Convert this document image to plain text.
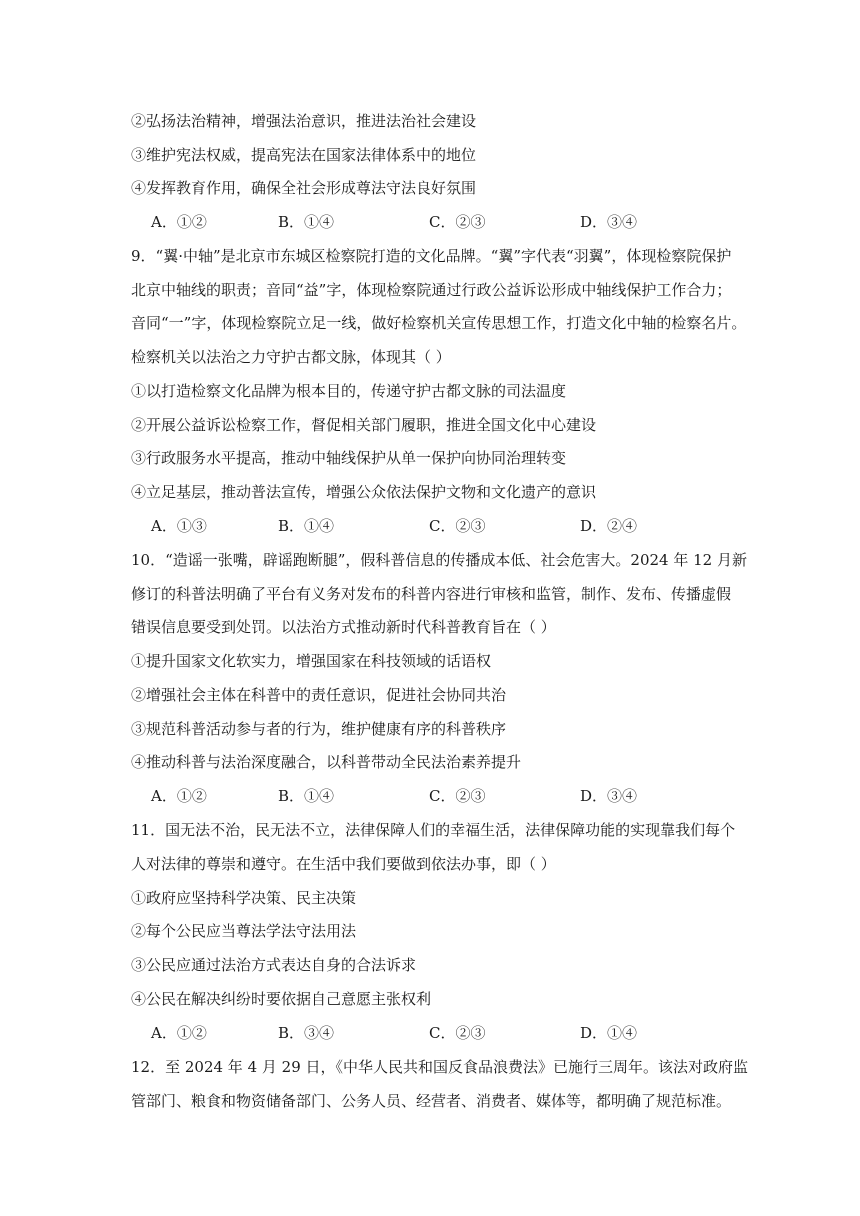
②弘扬法治精神，增强法治意识，推进法治社会建设
③维护宪法权威，提高宪法在国家法律体系中的地位
④发挥教育作用，确保全社会形成尊法守法良好氛围
A．①②	B．①④	C．②③	D．③④
9．“翼·中轴”是北京市东城区检察院打造的文化品牌。“翼”字代表“羽翼”，体现检察院保护
北京中轴线的职责；音同“益”字，体现检察院通过行政公益诉讼形成中轴线保护工作合力；
音同“一”字，体现检察院立足一线，做好检察机关宣传思想工作，打造文化中轴的检察名片。
检察机关以法治之力守护古都文脉，体现其（ ）
①以打造检察文化品牌为根本目的，传递守护古都文脉的司法温度
②开展公益诉讼检察工作，督促相关部门履职，推进全国文化中心建设
③行政服务水平提高，推动中轴线保护从单一保护向协同治理转变
④立足基层，推动普法宣传，增强公众依法保护文物和文化遗产的意识
A．①③	B．①④	C．②③	D．②④
10．“造谣一张嘴，辟谣跑断腿”，假科普信息的传播成本低、社会危害大。2024 年 12 月新
修订的科普法明确了平台有义务对发布的科普内容进行审核和监管，制作、发布、传播虚假
错误信息要受到处罚。以法治方式推动新时代科普教育旨在（ ）
①提升国家文化软实力，增强国家在科技领域的话语权
②增强社会主体在科普中的责任意识，促进社会协同共治
③规范科普活动参与者的行为，维护健康有序的科普秩序
④推动科普与法治深度融合，以科普带动全民法治素养提升
A．①②	B．①④	C．②③	D．③④
11．国无法不治，民无法不立，法律保障人们的幸福生活，法律保障功能的实现靠我们每个
人对法律的尊崇和遵守。在生活中我们要做到依法办事，即（ ）
①政府应坚持科学决策、民主决策
②每个公民应当尊法学法守法用法
③公民应通过法治方式表达自身的合法诉求
④公民在解决纠纷时要依据自己意愿主张权利
A．①②	B．③④	C．②③	D．①④
12．至 2024 年 4 月 29 日，《中华人民共和国反食品浪费法》已施行三周年。该法对政府监
管部门、粮食和物资储备部门、公务人员、经营者、消费者、媒体等，都明确了规范标准。
